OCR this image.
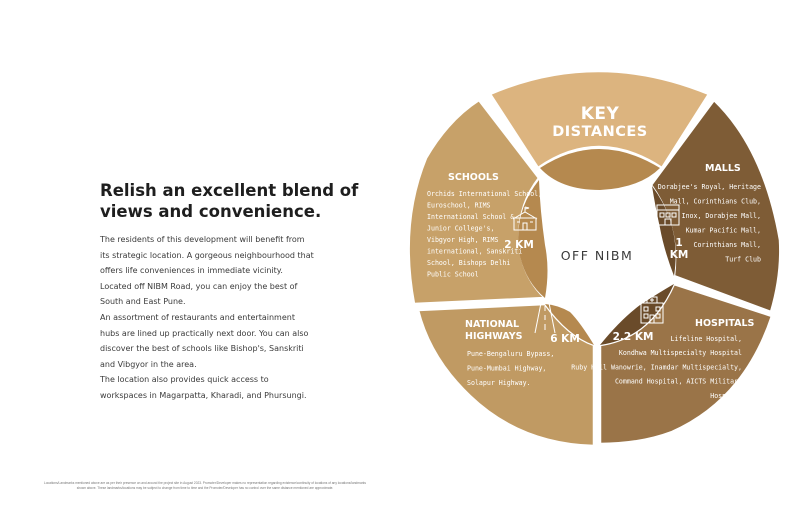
Relish an excellent blend of views and convenience.

The residents of this development will benefit from its strategic location. A gorgeous neighbourhood that offers life conveniences in immediate vicinity. Located off NIBM Road, you can enjoy the best of South and East Pune.

An assortment of restaurants and entertainment hubs are lined up practically next door. You can also discover the best of schools like Bishop's, Sanskriti and Vibgyor in the area.

The location also provides quick access to workspaces in Magarpatta, Kharadi, and Phursungi.

Locations/Landmarks mentioned above are as per their presence on and around the project site in August 2023. Promoter/Developer makes no representation regarding existence/continuity of locations of any locations/landmarks shown above. These landmarks/locations may be subject to change from time to time and the Promoter/Developer has no control over the same distance mentioned are approximate.
KEY
DISTANCES
OFF NIBM
SCHOOLS
Orchids International School,
Euroschool, RIMS
International School &
Junior College's,
Vibgyor High, RIMS
international, Sanskriti
School, Bishops Delhi
Public School
2 KM
MALLS
Dorabjee's Royal, Heritage
Mall, Corinthians Club,
Inox, Dorabjee Mall,
Kumar Pacific Mall,
Corinthians Mall,
Turf Club
1
KM
HOSPITALS
Lifeline Hospital,
Kondhwa Multispecialty Hospital
Ruby Hall Wanowrie, Inamdar Multispecialty,
Command Hospital, AICTS Military
Hospital
2.2 KM
NATIONAL
HIGHWAYS
Pune-Bengaluru Bypass,
Pune-Mumbai Highway,
Solapur Highway.
6 KM
